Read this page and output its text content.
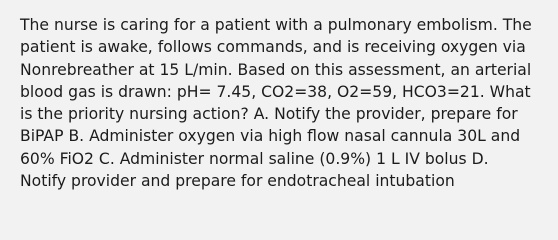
The nurse is caring for a patient with a pulmonary embolism. The
patient is awake, follows commands, and is receiving oxygen via
Nonrebreather at 15 L/min. Based on this assessment, an arterial
blood gas is drawn: pH= 7.45, CO2=38, O2=59, HCO3=21. What
is the priority nursing action? A. Notify the provider, prepare for
BiPAP B. Administer oxygen via high flow nasal cannula 30L and
60% FiO2 C. Administer normal saline (0.9%) 1 L IV bolus D.
Notify provider and prepare for endotracheal intubation
